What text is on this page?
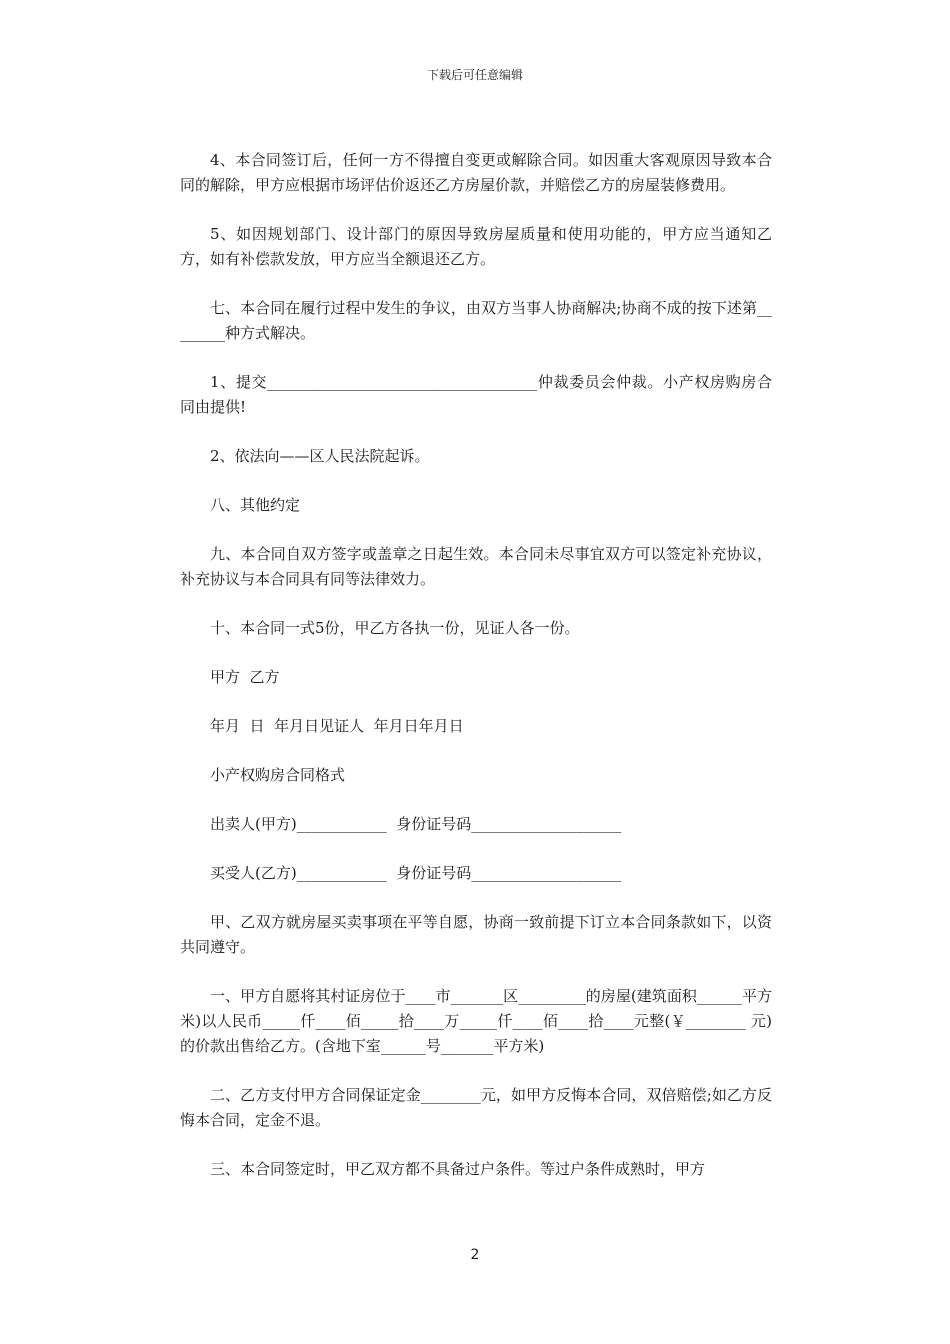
下载后可任意编辑

4、本合同签订后，任何一方不得擅自变更或解除合同。如因重大客观原因导致本合同的解除，甲方应根据市场评估价返还乙方房屋价款，并赔偿乙方的房屋装修费用。

5、如因规划部门、设计部门的原因导致房屋质量和使用功能的，甲方应当通知乙方，如有补偿款发放，甲方应当全额退还乙方。

七、本合同在履行过程中发生的争议，由双方当事人协商解决;协商不成的按下述第________种方式解决。

1、提交____________________________________仲裁委员会仲裁。小产权房购房合同由提供!

2、依法向——区人民法院起诉。

八、其他约定

九、本合同自双方签字或盖章之日起生效。本合同未尽事宜双方可以签定补充协议，补充协议与本合同具有同等法律效力。

十、本合同一式5份，甲乙方各执一份，见证人各一份。

甲方  乙方

年月  日  年月日见证人  年月日年月日

小产权购房合同格式

出卖人(甲方)____________  身份证号码____________________

买受人(乙方)____________  身份证号码____________________

甲、乙双方就房屋买卖事项在平等自愿，协商一致前提下订立本合同条款如下，以资共同遵守。

一、甲方自愿将其村证房位于____市_______区_________的房屋(建筑面积______平方米)以人民币_____仟____佰_____拾____万_____仟____佰____拾____元整(￥________ 元)的价款出售给乙方。(含地下室______号_______平方米)

二、乙方支付甲方合同保证定金________元，如甲方反悔本合同，双倍赔偿;如乙方反悔本合同，定金不退。

三、本合同签定时，甲乙双方都不具备过户条件。等过户条件成熟时，甲方

2
